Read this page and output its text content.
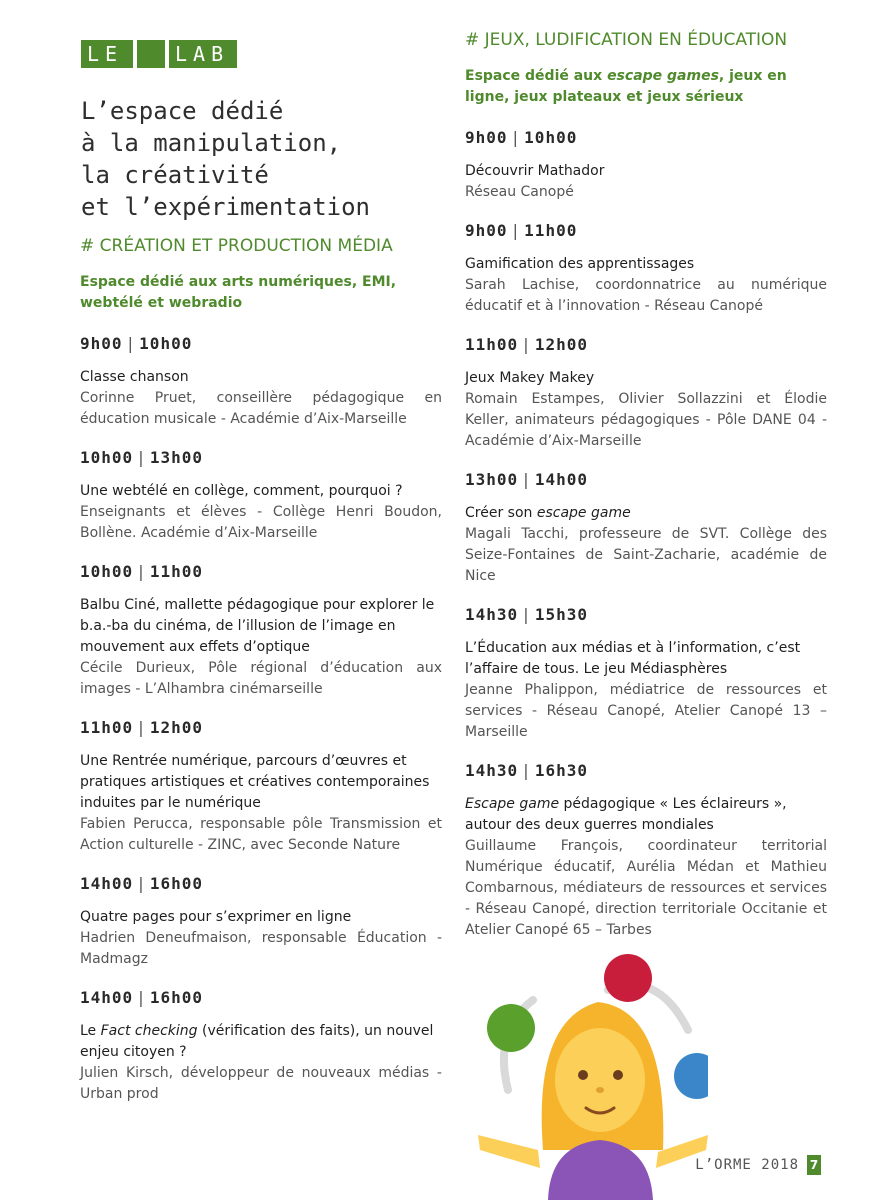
LE	LAB
L’espace dédié
à la manipulation,
la créativité
et l’expérimentation
# CRÉATION ET PRODUCTION MÉDIA

Espace dédié aux arts numériques, EMI, webtélé et webradio

9h00 | 10h00

Classe chanson

Corinne Pruet, conseillère pédagogique en éducation musicale - Académie d’Aix-Marseille

10h00 | 13h00

Une webtélé en collège, comment, pourquoi ?

Enseignants et élèves - Collège Henri Boudon, Bollène. Académie d’Aix-Marseille

10h00 | 11h00

Balbu Ciné, mallette pédagogique pour explorer le b.a.-ba du cinéma, de l’illusion de l’image en mouvement aux effets d’optique

Cécile Durieux, Pôle régional d’éducation aux images - L’Alhambra cinémarseille

11h00 | 12h00

Une Rentrée numérique, parcours d’œuvres et pratiques artistiques et créatives contemporaines induites par le numérique

Fabien Perucca, responsable pôle Transmission et Action culturelle - ZINC, avec Seconde Nature

14h00 | 16h00

Quatre pages pour s’exprimer en ligne

Hadrien Deneufmaison, responsable Éducation - Madmagz

14h00 | 16h00

Le Fact checking (vérification des faits), un nouvel enjeu citoyen ?

Julien Kirsch, développeur de nouveaux médias - Urban prod

# JEUX, LUDIFICATION EN ÉDUCATION

Espace dédié aux escape games, jeux en ligne, jeux plateaux et jeux sérieux

9h00 | 10h00

Découvrir Mathador

Réseau Canopé

9h00 | 11h00

Gamification des apprentissages

Sarah Lachise, coordonnatrice au numérique éducatif et à l’innovation - Réseau Canopé

11h00 | 12h00

Jeux Makey Makey

Romain Estampes, Olivier Sollazzini et Élodie Keller, animateurs pédagogiques - Pôle DANE 04 - Académie d’Aix-Marseille

13h00 | 14h00

Créer son escape game

Magali Tacchi, professeure de SVT. Collège des Seize-Fontaines de Saint-Zacharie, académie de Nice

14h30 | 15h30

L’Éducation aux médias et à l’information, c’est l’affaire de tous. Le jeu Médiasphères

Jeanne Phalippon, médiatrice de ressources et services - Réseau Canopé, Atelier Canopé 13 – Marseille

14h30 | 16h30

Escape game pédagogique « Les éclaireurs », autour des deux guerres mondiales

Guillaume François, coordinateur territorial Numérique éducatif, Aurélia Médan et Mathieu Combarnous, médiateurs de ressources et services - Réseau Canopé, direction territoriale Occitanie et Atelier Canopé 65 – Tarbes

L’ORME 2018 7
